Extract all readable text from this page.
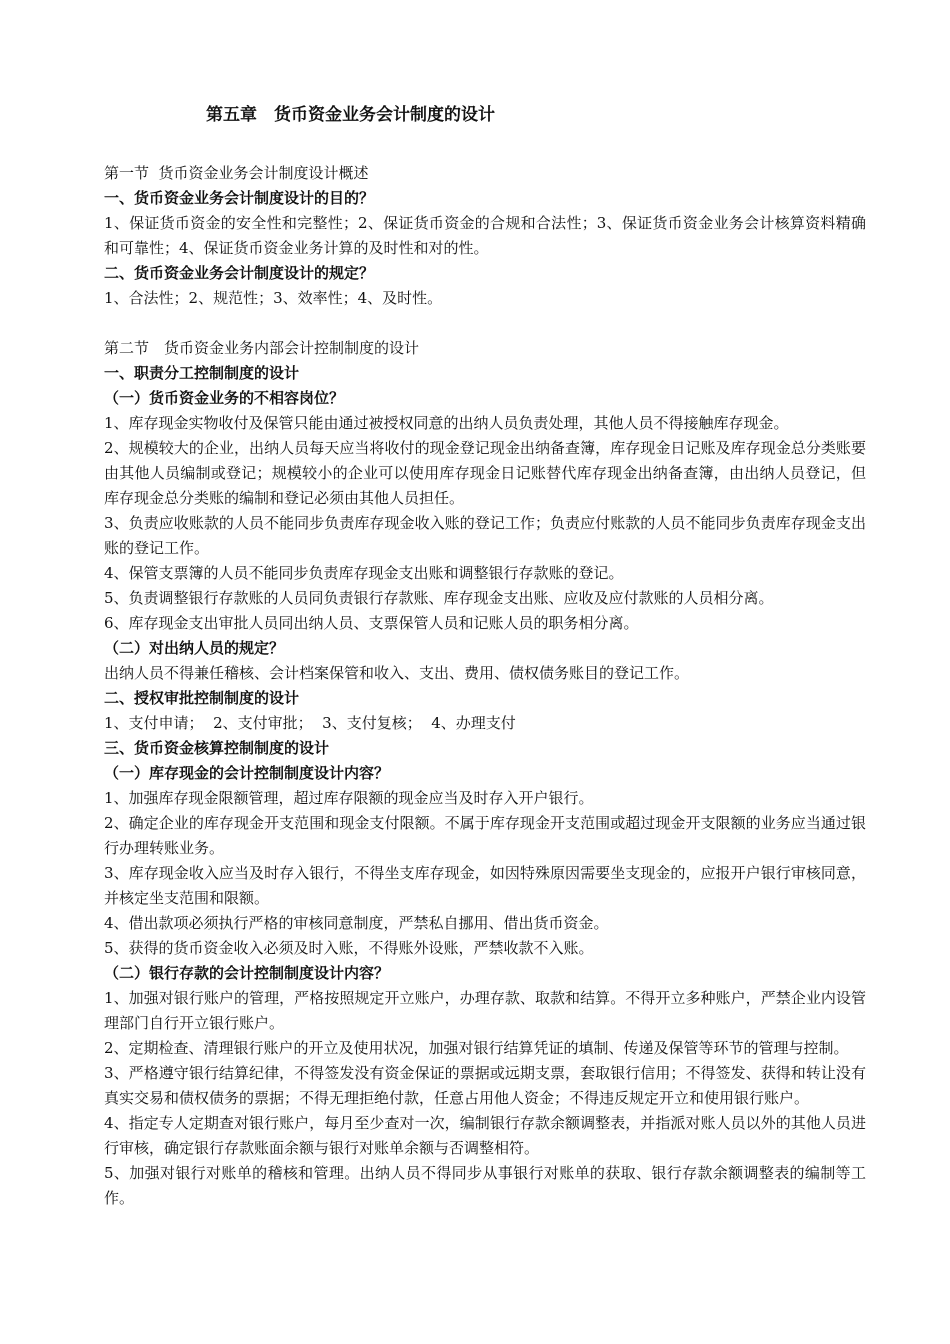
第五章　货币资金业务会计制度的设计

第一节  货币资金业务会计制度设计概述

一、货币资金业务会计制度设计的目的？

1、保证货币资金的安全性和完整性；2、保证货币资金的合规和合法性；3、保证货币资金业务会计核算资料精确和可靠性；4、保证货币资金业务计算的及时性和对的性。

二、货币资金业务会计制度设计的规定？

1、合法性；2、规范性；3、效率性；4、及时性。

第二节　货币资金业务内部会计控制制度的设计

一、职责分工控制制度的设计

（一）货币资金业务的不相容岗位？

1、库存现金实物收付及保管只能由通过被授权同意的出纳人员负责处理，其他人员不得接触库存现金。

2、规模较大的企业，出纳人员每天应当将收付的现金登记现金出纳备查簿，库存现金日记账及库存现金总分类账要由其他人员编制或登记；规模较小的企业可以使用库存现金日记账替代库存现金出纳备查簿，由出纳人员登记，但库存现金总分类账的编制和登记必须由其他人员担任。

3、负责应收账款的人员不能同步负责库存现金收入账的登记工作；负责应付账款的人员不能同步负责库存现金支出账的登记工作。

4、保管支票簿的人员不能同步负责库存现金支出账和调整银行存款账的登记。

5、负责调整银行存款账的人员同负责银行存款账、库存现金支出账、应收及应付款账的人员相分离。

6、库存现金支出审批人员同出纳人员、支票保管人员和记账人员的职务相分离。

（二）对出纳人员的规定？

出纳人员不得兼任稽核、会计档案保管和收入、支出、费用、债权债务账目的登记工作。

二、授权审批控制制度的设计

1、支付申请；  2、支付审批；  3、支付复核；  4、办理支付

三、货币资金核算控制制度的设计

（一）库存现金的会计控制制度设计内容？

1、加强库存现金限额管理，超过库存限额的现金应当及时存入开户银行。

2、确定企业的库存现金开支范围和现金支付限额。不属于库存现金开支范围或超过现金开支限额的业务应当通过银行办理转账业务。

3、库存现金收入应当及时存入银行，不得坐支库存现金，如因特殊原因需要坐支现金的，应报开户银行审核同意，并核定坐支范围和限额。

4、借出款项必须执行严格的审核同意制度，严禁私自挪用、借出货币资金。

5、获得的货币资金收入必须及时入账，不得账外设账，严禁收款不入账。

（二）银行存款的会计控制制度设计内容？

1、加强对银行账户的管理，严格按照规定开立账户，办理存款、取款和结算。不得开立多种账户，严禁企业内设管理部门自行开立银行账户。

2、定期检查、清理银行账户的开立及使用状况，加强对银行结算凭证的填制、传递及保管等环节的管理与控制。

3、严格遵守银行结算纪律，不得签发没有资金保证的票据或远期支票，套取银行信用；不得签发、获得和转让没有真实交易和债权债务的票据；不得无理拒绝付款，任意占用他人资金；不得违反规定开立和使用银行账户。

4、指定专人定期查对银行账户，每月至少查对一次，编制银行存款余额调整表，并指派对账人员以外的其他人员进行审核，确定银行存款账面余额与银行对账单余额与否调整相符。

5、加强对银行对账单的稽核和管理。出纳人员不得同步从事银行对账单的获取、银行存款余额调整表的编制等工作。
